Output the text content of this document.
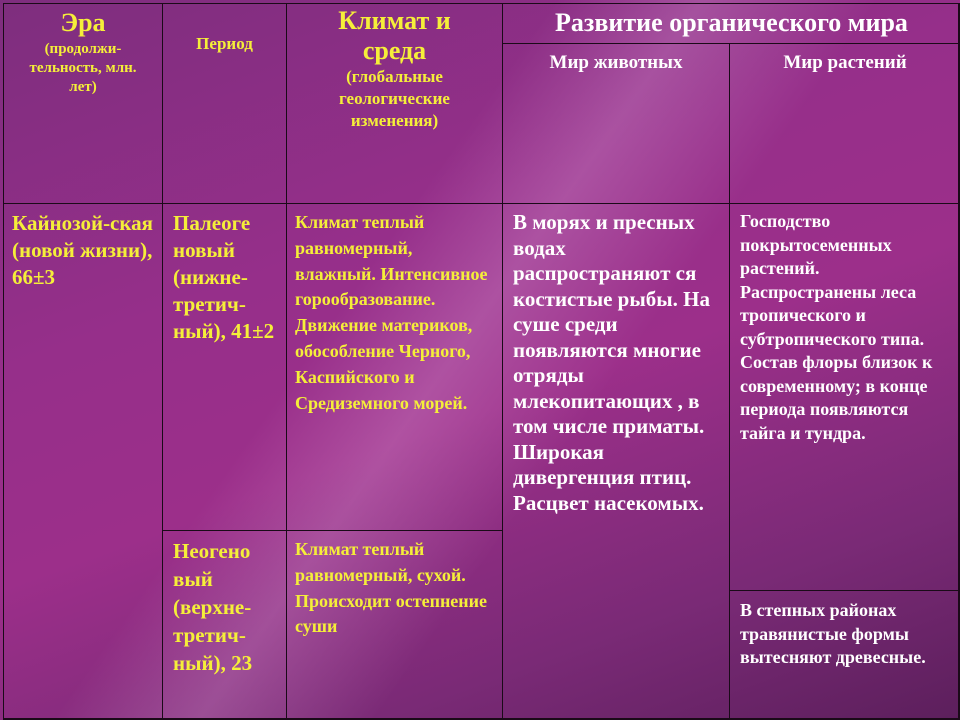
Эра
(продолжи-тельность, млн. лет)
Период
Климат и среда
(глобальные геологические изменения)
Развитие органического мира
Мир животных	Мир растений
Кайнозой-ская (новой жизни), 66±3
Палеоге новый (нижне-третич-ный), 41±2
Климат теплый равномерный, влажный. Интенсивное горообразование. Движение материков, обособление Черного, Каспийского и Средиземного морей.
Неогено вый (верхне-третич-ный), 23
Климат теплый равномерный, сухой. Происходит остепнение суши
В морях и пресных водах распространяют ся костистые рыбы. На суше среди появляются многие отряды млекопитающих , в том числе приматы. Широкая дивергенция птиц. Расцвет насекомых.
Господство покрытосеменных растений. Распространены леса тропического и субтропического типа. Состав флоры близок к современному; в конце периода появляются тайга и тундра.
В степных районах травянистые формы вытесняют древесные.
